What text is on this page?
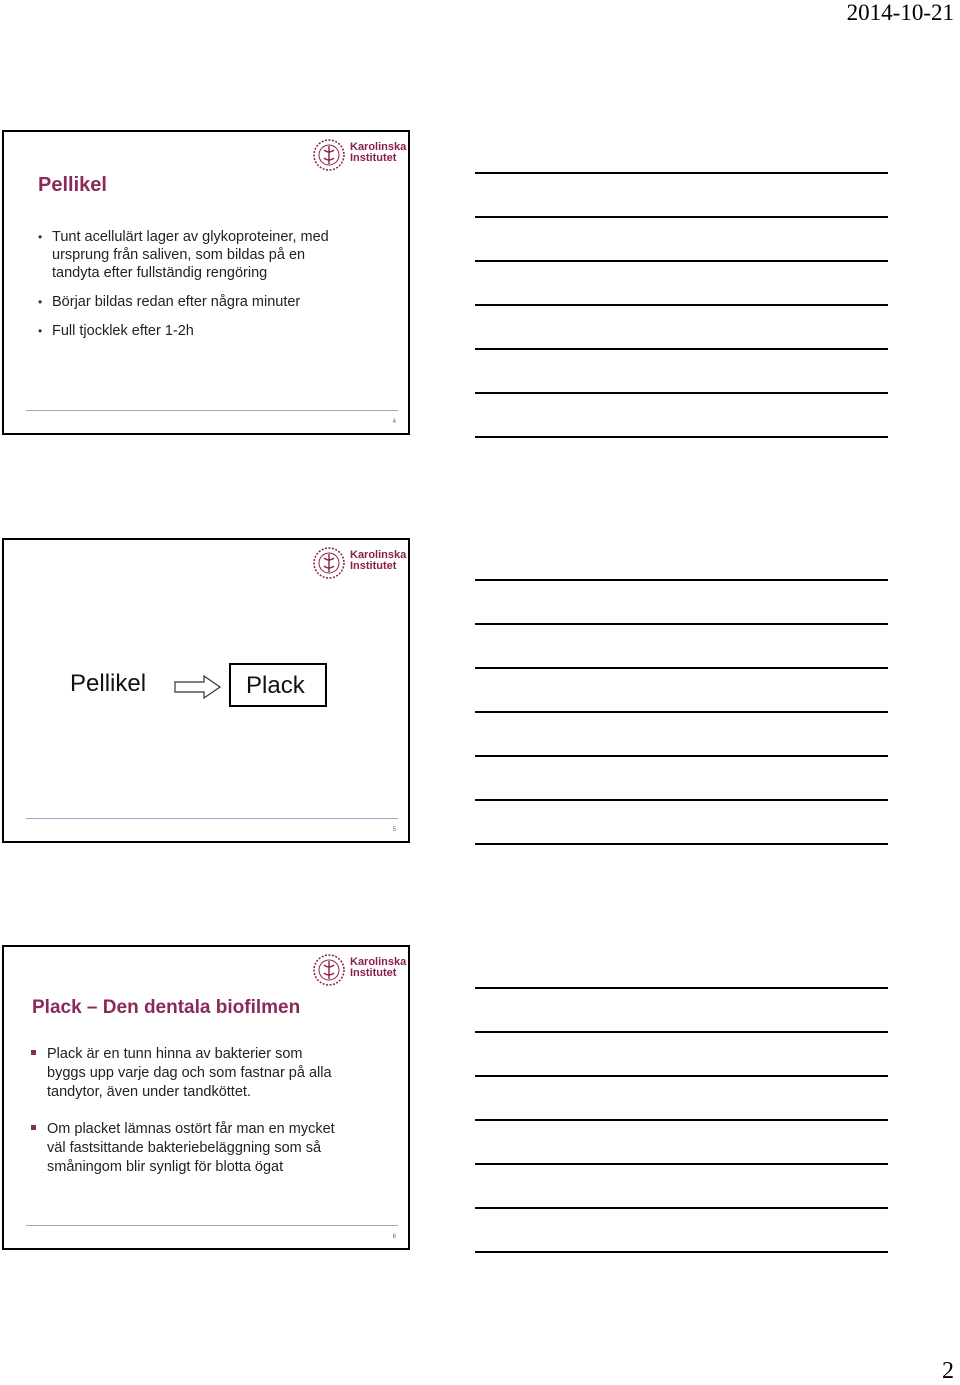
2014-10-21
Karolinska
Institutet
Pellikel
• Tunt acellulärt lager av glykoproteiner, med
ursprung från saliven, som bildas på en
tandyta efter fullständig rengöring
• Börjar bildas redan efter några minuter
• Full tjocklek efter 1-2h
4
Karolinska
Institutet
Pellikel	Plack
5
Karolinska
Institutet
Plack – Den dentala biofilmen
Plack är en tunn hinna av bakterier som
byggs upp varje dag och som fastnar på alla
tandytor, även under tandköttet.
Om placket lämnas ostört får man en mycket
väl fastsittande bakteriebeläggning som så
småningom blir synligt för blotta ögat
6
2
